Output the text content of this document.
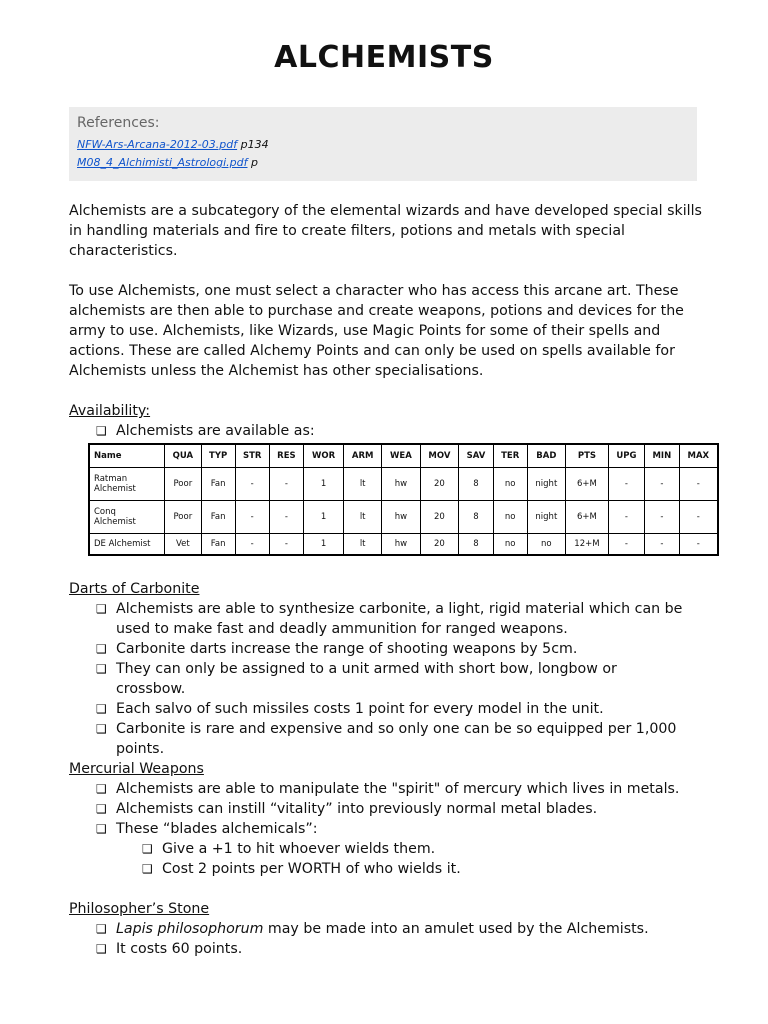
ALCHEMISTS
References:
NFW-Ars-Arcana-2012-03.pdf p134
M08_4_Alchimisti_Astrologi.pdf p
Alchemists are a subcategory of the elemental wizards and have developed special skills in handling materials and fire to create filters, potions and metals with special characteristics.
To use Alchemists, one must select a character who has access this arcane art. These alchemists are then able to purchase and create weapons, potions and devices for the army to use. Alchemists, like Wizards, use Magic Points for some of their spells and actions. These are called Alchemy Points and can only be used on spells available for Alchemists unless the Alchemist has other specialisations.
Availability:
❑ Alchemists are available as:
Name	QUA	TYP	STR	RES	WOR	ARM	WEA	MOV	SAV	TER	BAD	PTS	UPG	MIN	MAX
Ratman Alchemist	Poor	Fan	-	-	1	lt	hw	20	8	no	night	6+M	-	-	-
Conq Alchemist	Poor	Fan	-	-	1	lt	hw	20	8	no	night	6+M	-	-	-
DE Alchemist	Vet	Fan	-	-	1	lt	hw	20	8	no	no	12+M	-	-	-
Darts of Carbonite
❑ Alchemists are able to synthesize carbonite, a light, rigid material which can be used to make fast and deadly ammunition for ranged weapons.
❑ Carbonite darts increase the range of shooting weapons by 5cm.
❑ They can only be assigned to a unit armed with short bow, longbow or crossbow.
❑ Each salvo of such missiles costs 1 point for every model in the unit.
❑ Carbonite is rare and expensive and so only one can be so equipped per 1,000 points.
Mercurial Weapons
❑ Alchemists are able to manipulate the "spirit" of mercury which lives in metals.
❑ Alchemists can instill “vitality” into previously normal metal blades.
❑ These “blades alchemicals”:
❑ Give a +1 to hit whoever wields them.
❑ Cost 2 points per WORTH of who wields it.
Philosopher’s Stone
❑ Lapis philosophorum may be made into an amulet used by the Alchemists.
❑ It costs 60 points.
